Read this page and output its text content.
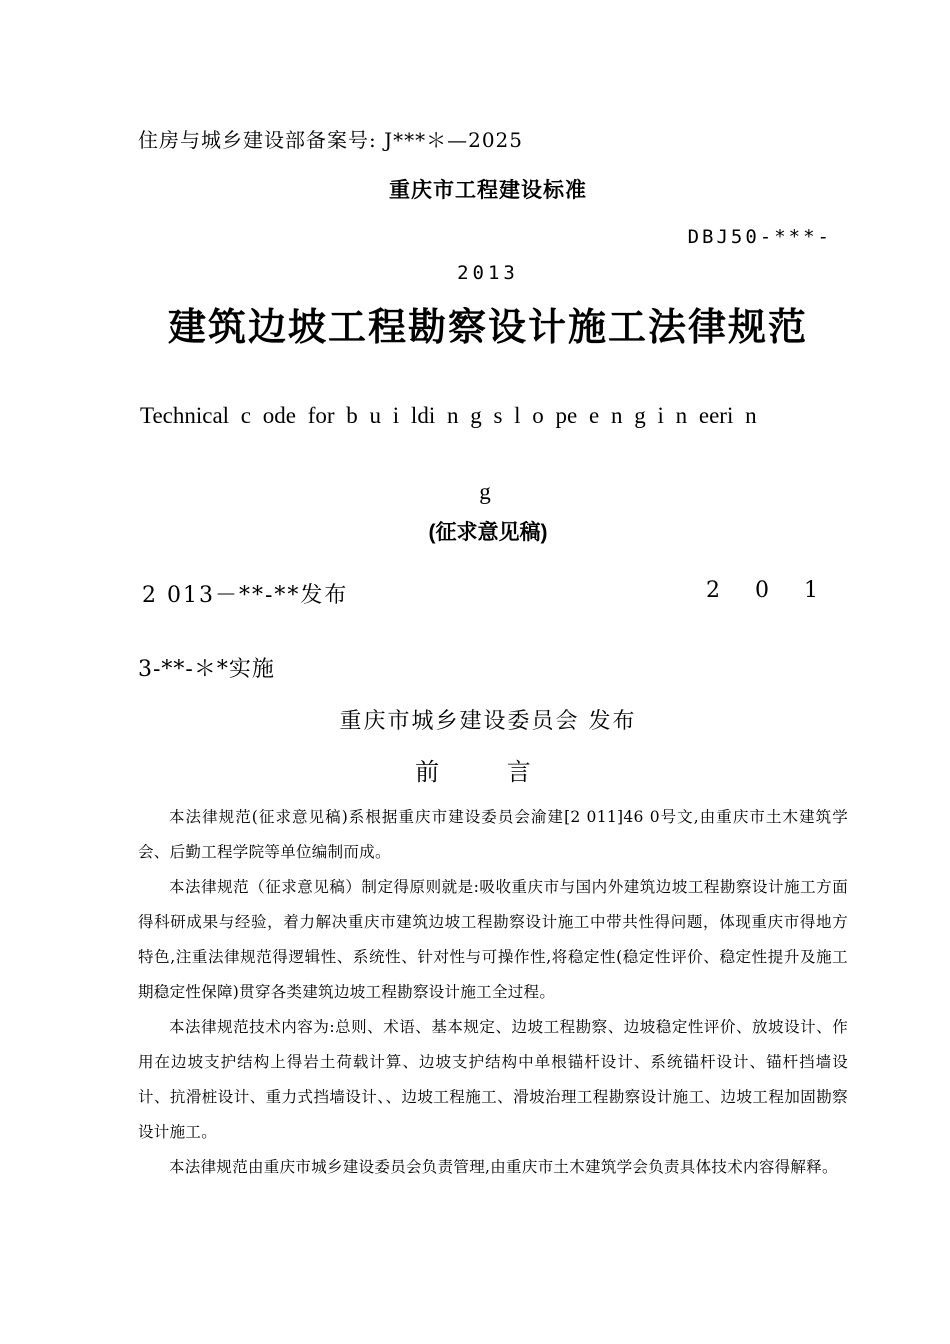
住房与城乡建设部备案号: J***＊—2025
重庆市工程建设标准
DBJ50-***-
2013
建筑边坡工程勘察设计施工法律规范
Technical c ode for b u i ldi n g s l o pe e n g i n eeri n
g
(征求意见稿)
2 013－**-**发布	2 0 1
3-**-＊*实施
重庆市城乡建设委员会 发布
前 言

本法律规范(征求意见稿)系根据重庆市建设委员会渝建[2 011]46 0号文,由重庆市土木建筑学会、后勤工程学院等单位编制而成。

本法律规范（征求意见稿）制定得原则就是:吸收重庆市与国内外建筑边坡工程勘察设计施工方面得科研成果与经验，着力解决重庆市建筑边坡工程勘察设计施工中带共性得问题，体现重庆市得地方特色,注重法律规范得逻辑性、系统性、针对性与可操作性,将稳定性(稳定性评价、稳定性提升及施工期稳定性保障)贯穿各类建筑边坡工程勘察设计施工全过程。

本法律规范技术内容为:总则、术语、基本规定、边坡工程勘察、边坡稳定性评价、放坡设计、作用在边坡支护结构上得岩土荷载计算、边坡支护结构中单根锚杆设计、系统锚杆设计、锚杆挡墙设计、抗滑桩设计、重力式挡墙设计、、边坡工程施工、滑坡治理工程勘察设计施工、边坡工程加固勘察设计施工。

本法律规范由重庆市城乡建设委员会负责管理,由重庆市土木建筑学会负责具体技术内容得解释。
